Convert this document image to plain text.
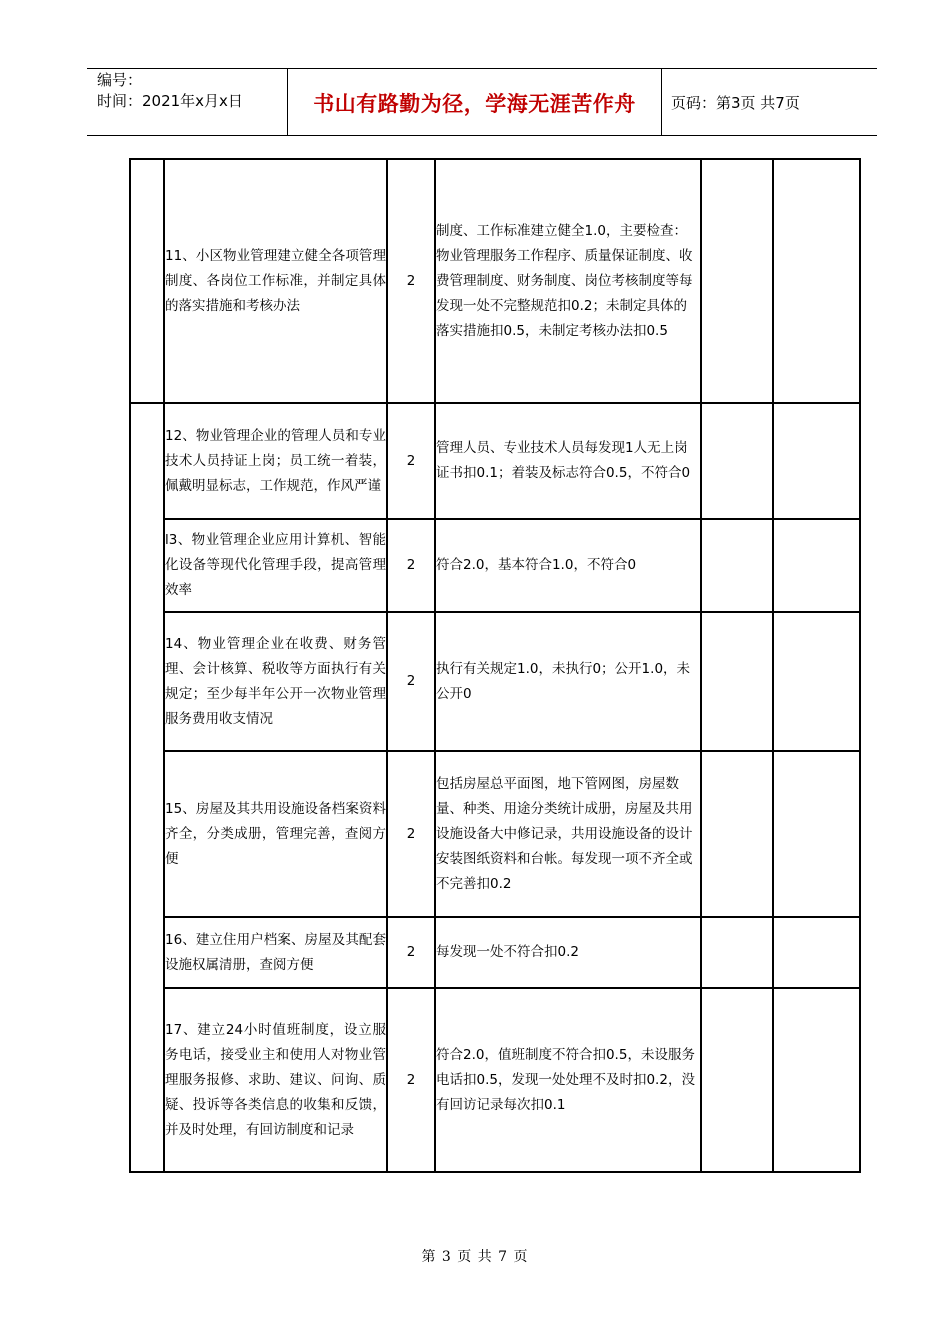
编号：
时间：2021年x月x日	书山有路勤为径，学海无涯苦作舟	页码：第3页 共7页

	11、小区物业管理建立健全各项管理制度、各岗位工作标准，并制定具体的落实措施和考核办法	2	制度、工作标准建立健全1.0，主要检查：物业管理服务工作程序、质量保证制度、收费管理制度、财务制度、岗位考核制度等每发现一处不完整规范扣0.2；未制定具体的落实措施扣0.5，未制定考核办法扣0.5		

	12、物业管理企业的管理人员和专业技术人员持证上岗；员工统一着装，佩戴明显标志，工作规范，作风严谨	2	管理人员、专业技术人员每发现1人无上岗证书扣0.1；着装及标志符合0.5，不符合0		

	l3、物业管理企业应用计算机、智能化设备等现代化管理手段，提高管理效率	2	符合2.0，基本符合1.0，不符合0		

	14、物业管理企业在收费、财务管理、会计核算、税收等方面执行有关规定；至少每半年公开一次物业管理服务费用收支情况	2	执行有关规定1.0，未执行0；公开1.0，未公开0		

	15、房屋及其共用设施设备档案资料齐全，分类成册，管理完善，查阅方便	2	包括房屋总平面图，地下管网图，房屋数量、种类、用途分类统计成册，房屋及共用设施设备大中修记录，共用设施设备的设计安装图纸资料和台帐。每发现一项不齐全或不完善扣0.2		

	16、建立住用户档案、房屋及其配套设施权属清册，查阅方便	2	每发现一处不符合扣0.2		

	17、建立24小时值班制度，设立服务电话，接受业主和使用人对物业管理服务报修、求助、建议、问询、质疑、投诉等各类信息的收集和反馈，并及时处理，有回访制度和记录	2	符合2.0，值班制度不符合扣0.5，未设服务电话扣0.5，发现一处处理不及时扣0.2，没有回访记录每次扣0.1		

第 3 页 共 7 页
